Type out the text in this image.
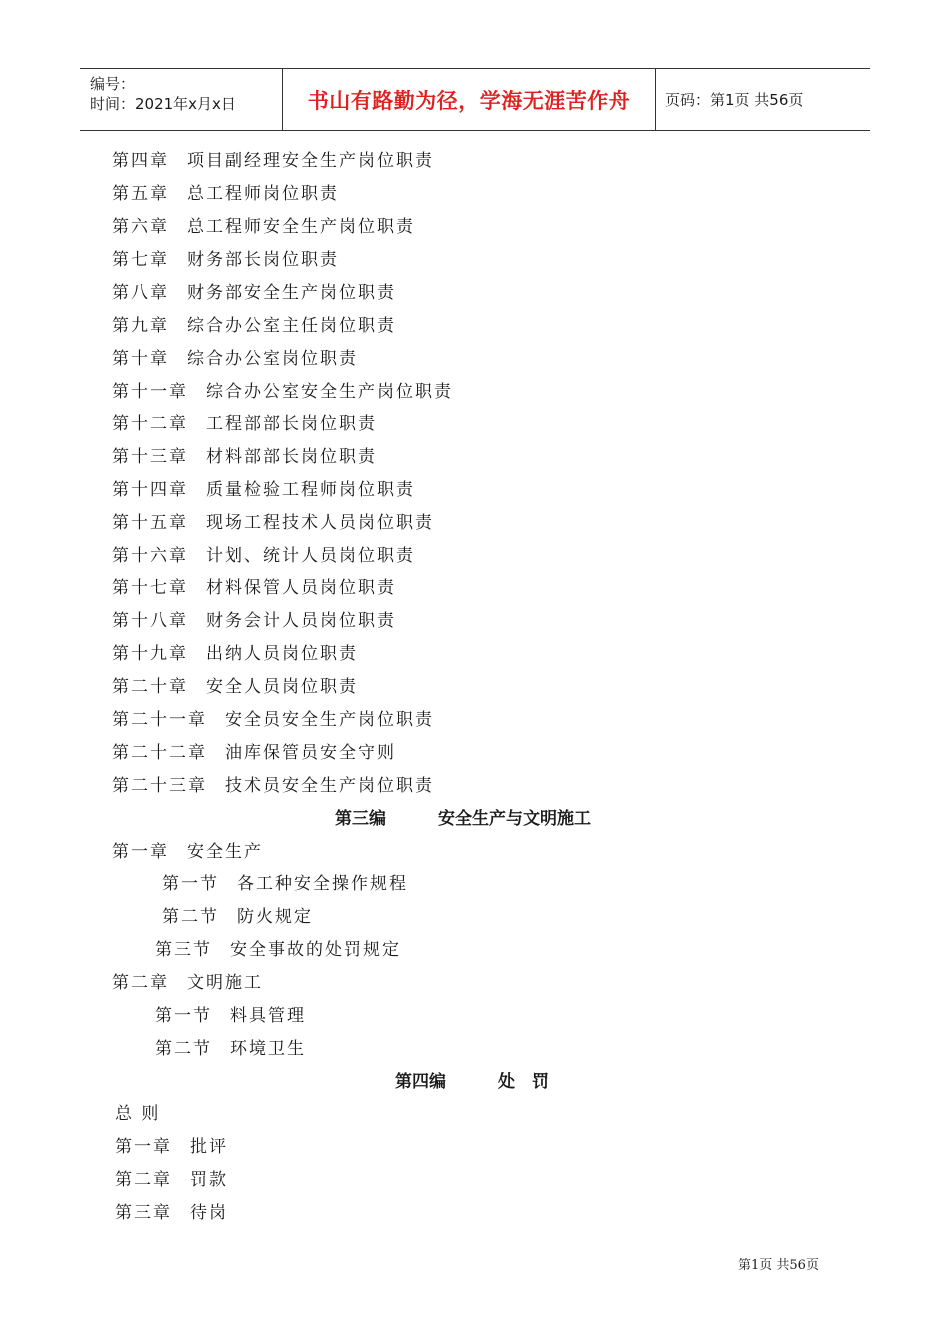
编号：
时间：2021年x月x日	书山有路勤为径，学海无涯苦作舟 页码：第1页 共56页
第四章 项目副经理安全生产岗位职责
第五章 总工程师岗位职责
第六章 总工程师安全生产岗位职责
第七章 财务部长岗位职责
第八章 财务部安全生产岗位职责
第九章 综合办公室主任岗位职责
第十章 综合办公室岗位职责
第十一章 综合办公室安全生产岗位职责
第十二章 工程部部长岗位职责
第十三章 材料部部长岗位职责
第十四章 质量检验工程师岗位职责
第十五章 现场工程技术人员岗位职责
第十六章 计划、统计人员岗位职责
第十七章 材料保管人员岗位职责
第十八章 财务会计人员岗位职责
第十九章 出纳人员岗位职责
第二十章 安全人员岗位职责
第二十一章 安全员安全生产岗位职责
第二十二章 油库保管员安全守则
第二十三章 技术员安全生产岗位职责
第三编	安全生产与文明施工
第一章 安全生产
第一节 各工种安全操作规程
第二节 防火规定
第三节 安全事故的处罚规定
第二章 文明施工
第一节 料具管理
第二节 环境卫生
第四编	处　罚
总 则
第一章 批评
第二章 罚款
第三章 待岗
第1页 共56页
